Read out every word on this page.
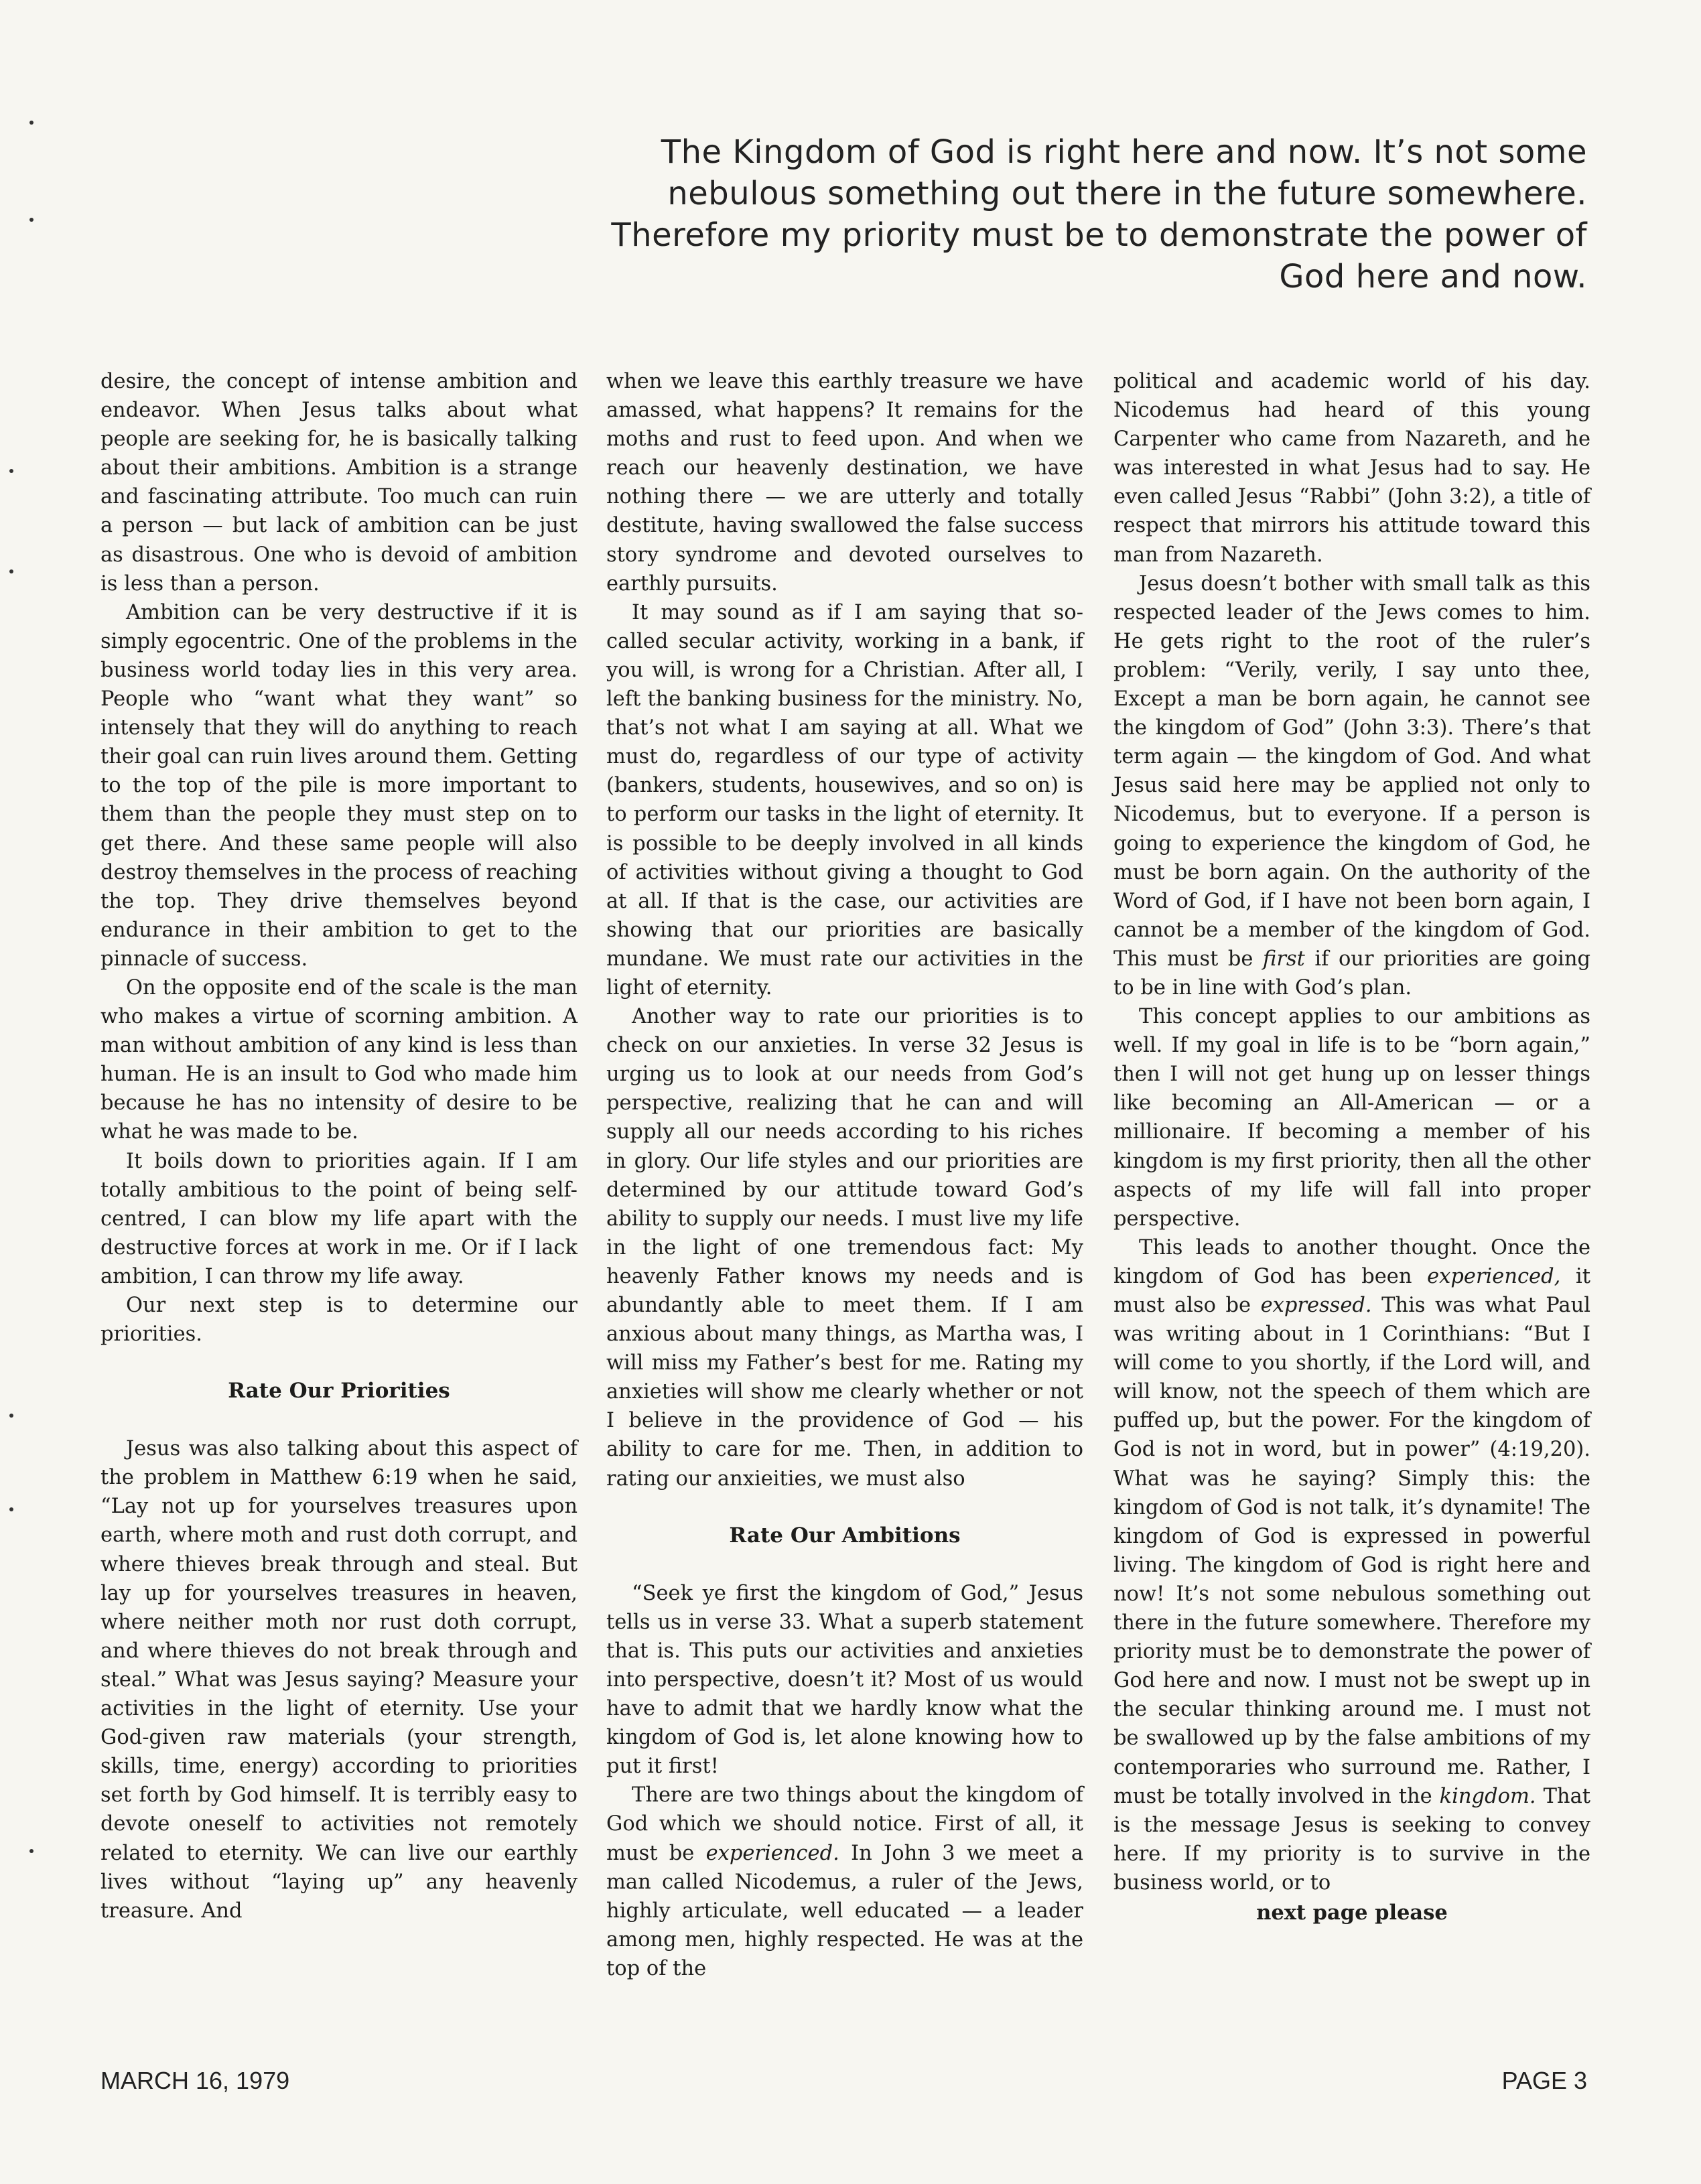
The Kingdom of God is right here and now. It’s not some nebulous something out there in the future somewhere. Therefore my priority must be to demonstrate the power of God here and now.

desire, the concept of intense ambition and endeavor. When Jesus talks about what people are seeking for, he is basically talking about their ambitions. Ambition is a strange and fascinating attribute. Too much can ruin a person — but lack of ambition can be just as disastrous. One who is devoid of ambition is less than a person.

Ambition can be very destructive if it is simply egocentric. One of the problems in the business world today lies in this very area. People who “want what they want” so intensely that they will do anything to reach their goal can ruin lives around them. Getting to the top of the pile is more important to them than the people they must step on to get there. And these same people will also destroy themselves in the process of reaching the top. They drive themselves beyond endurance in their ambition to get to the pinnacle of success.

On the opposite end of the scale is the man who makes a virtue of scorning ambition. A man without ambition of any kind is less than human. He is an insult to God who made him because he has no intensity of desire to be what he was made to be.

It boils down to priorities again. If I am totally ambitious to the point of being self-centred, I can blow my life apart with the destructive forces at work in me. Or if I lack ambition, I can throw my life away.

Our next step is to determine our priorities.

Rate Our Priorities

Jesus was also talking about this aspect of the problem in Matthew 6:19 when he said, “Lay not up for yourselves treasures upon earth, where moth and rust doth corrupt, and where thieves break through and steal. But lay up for yourselves treasures in heaven, where neither moth nor rust doth corrupt, and where thieves do not break through and steal.” What was Jesus saying? Measure your activities in the light of eternity. Use your God-given raw materials (your strength, skills, time, energy) according to priorities set forth by God himself. It is terribly easy to devote oneself to activities not remotely related to eternity. We can live our earthly lives without “laying up” any heavenly treasure. And

when we leave this earthly treasure we have amassed, what happens? It remains for the moths and rust to feed upon. And when we reach our heavenly destination, we have nothing there — we are utterly and totally destitute, having swallowed the false success story syndrome and devoted ourselves to earthly pursuits.

It may sound as if I am saying that so-called secular activity, working in a bank, if you will, is wrong for a Christian. After all, I left the banking business for the ministry. No, that’s not what I am saying at all. What we must do, regardless of our type of activity (bankers, students, housewives, and so on) is to perform our tasks in the light of eternity. It is possible to be deeply involved in all kinds of activities without giving a thought to God at all. If that is the case, our activities are showing that our priorities are basically mundane. We must rate our activities in the light of eternity.

Another way to rate our priorities is to check on our anxieties. In verse 32 Jesus is urging us to look at our needs from God’s perspective, realizing that he can and will supply all our needs according to his riches in glory. Our life styles and our priorities are determined by our attitude toward God’s ability to supply our needs. I must live my life in the light of one tremendous fact: My heavenly Father knows my needs and is abundantly able to meet them. If I am anxious about many things, as Martha was, I will miss my Father’s best for me. Rating my anxieties will show me clearly whether or not I believe in the providence of God — his ability to care for me. Then, in addition to rating our anxieities, we must also

Rate Our Ambitions

“Seek ye first the kingdom of God,” Jesus tells us in verse 33. What a superb statement that is. This puts our activities and anxieties into perspective, doesn’t it? Most of us would have to admit that we hardly know what the kingdom of God is, let alone knowing how to put it first!

There are two things about the kingdom of God which we should notice. First of all, it must be experienced. In John 3 we meet a man called Nicodemus, a ruler of the Jews, highly articulate, well educated — a leader among men, highly respected. He was at the top of the

political and academic world of his day. Nicodemus had heard of this young Carpenter who came from Nazareth, and he was interested in what Jesus had to say. He even called Jesus “Rabbi” (John 3:2), a title of respect that mirrors his attitude toward this man from Nazareth.

Jesus doesn’t bother with small talk as this respected leader of the Jews comes to him. He gets right to the root of the ruler’s problem: “Verily, verily, I say unto thee, Except a man be born again, he cannot see the kingdom of God” (John 3:3). There’s that term again — the kingdom of God. And what Jesus said here may be applied not only to Nicodemus, but to everyone. If a person is going to experience the kingdom of God, he must be born again. On the authority of the Word of God, if I have not been born again, I cannot be a member of the kingdom of God. This must be first if our priorities are going to be in line with God’s plan.

This concept applies to our ambitions as well. If my goal in life is to be “born again,” then I will not get hung up on lesser things like becoming an All-American — or a millionaire. If becoming a member of his kingdom is my first priority, then all the other aspects of my life will fall into proper perspective.

This leads to another thought. Once the kingdom of God has been experienced, it must also be expressed. This was what Paul was writing about in 1 Corinthians: “But I will come to you shortly, if the Lord will, and will know, not the speech of them which are puffed up, but the power. For the kingdom of God is not in word, but in power” (4:19,20). What was he saying? Simply this: the kingdom of God is not talk, it’s dynamite! The kingdom of God is expressed in powerful living. The kingdom of God is right here and now! It’s not some nebulous something out there in the future somewhere. Therefore my priority must be to demonstrate the power of God here and now. I must not be swept up in the secular thinking around me. I must not be swallowed up by the false ambitions of my contemporaries who surround me. Rather, I must be totally involved in the kingdom. That is the message Jesus is seeking to convey here. If my priority is to survive in the business world, or to

next page please

MARCH 16, 1979	PAGE 3
